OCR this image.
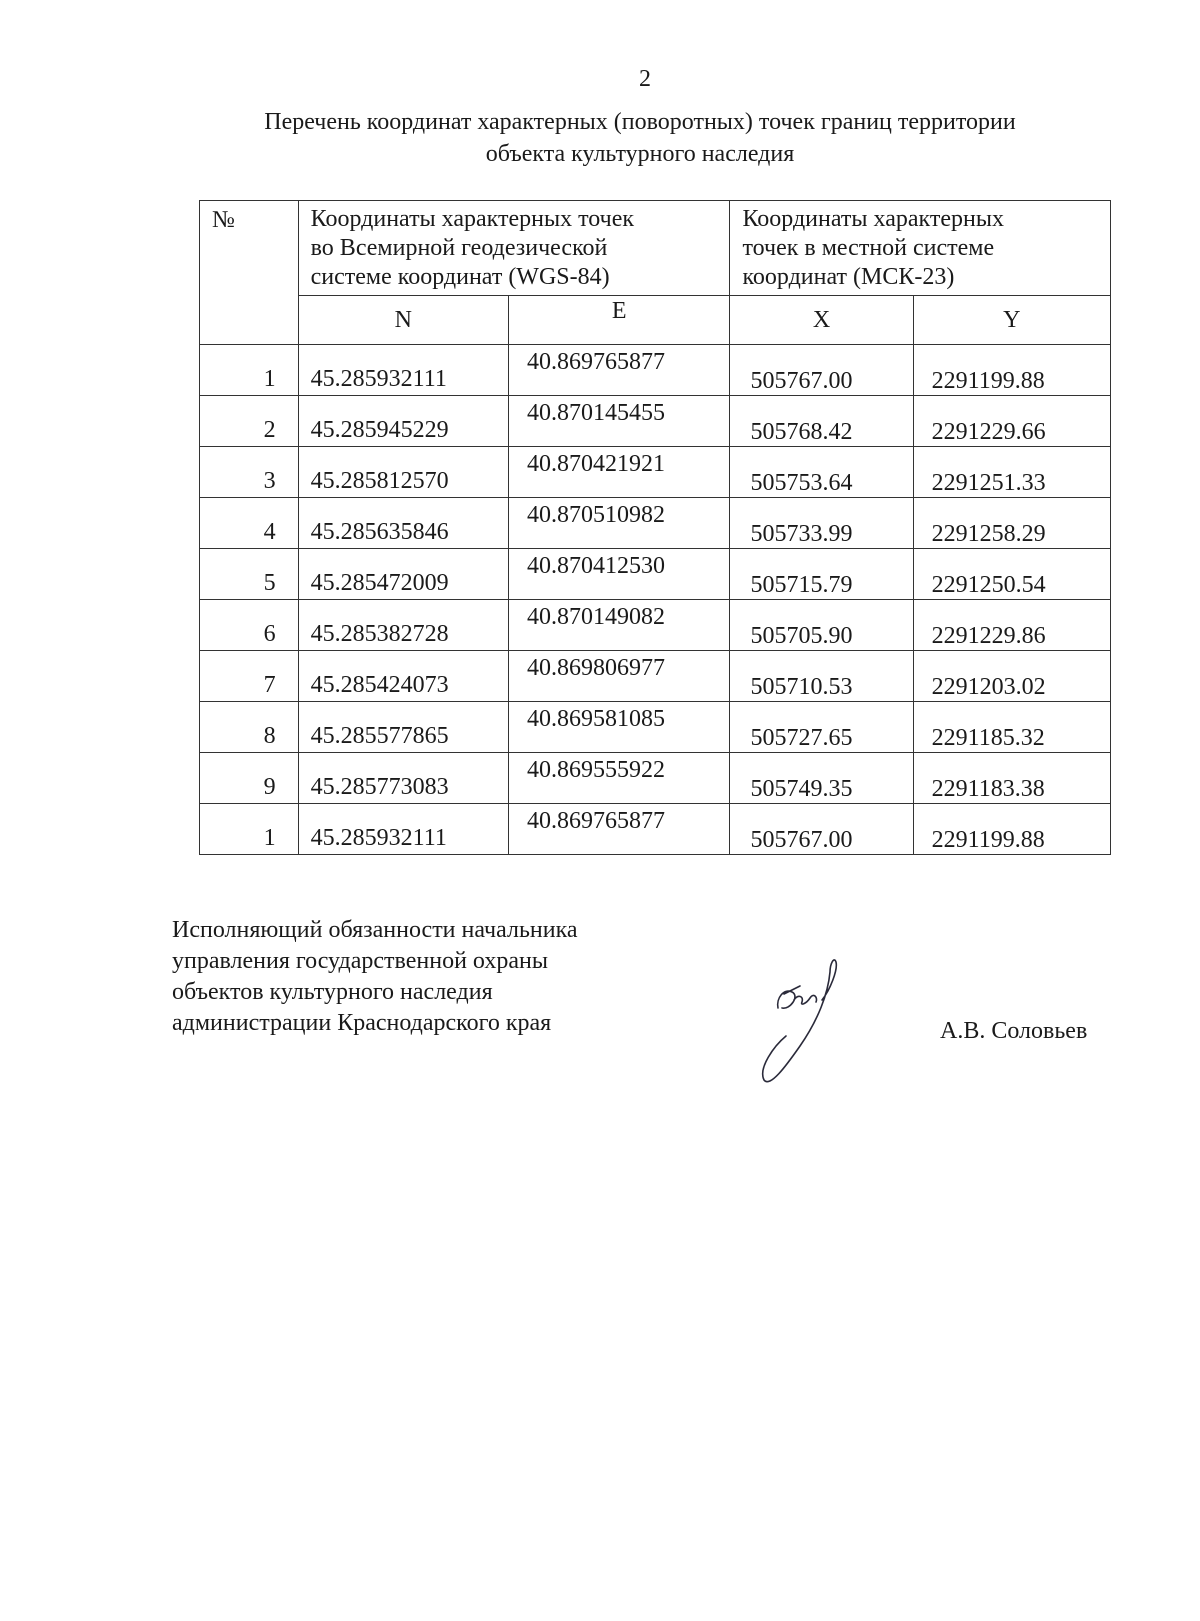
2
Перечень координат характерных (поворотных) точек границ территории
объекта культурного наследия
№	Координаты характерных точек
во Всемирной геодезической
системе координат (WGS-84)		Координаты характерных
точек в местной системе
координат (МСК-23)	

	N	E	X	Y
1	45.285932111	40.869765877	505767.00	2291199.88
2	45.285945229	40.870145455	505768.42	2291229.66
3	45.285812570	40.870421921	505753.64	2291251.33
4	45.285635846	40.870510982	505733.99	2291258.29
5	45.285472009	40.870412530	505715.79	2291250.54
6	45.285382728	40.870149082	505705.90	2291229.86
7	45.285424073	40.869806977	505710.53	2291203.02
8	45.285577865	40.869581085	505727.65	2291185.32
9	45.285773083	40.869555922	505749.35	2291183.38
1	45.285932111	40.869765877	505767.00	2291199.88
Исполняющий обязанности начальника
управления государственной охраны
объектов культурного наследия
администрации Краснодарского края	А.В. Соловьев
